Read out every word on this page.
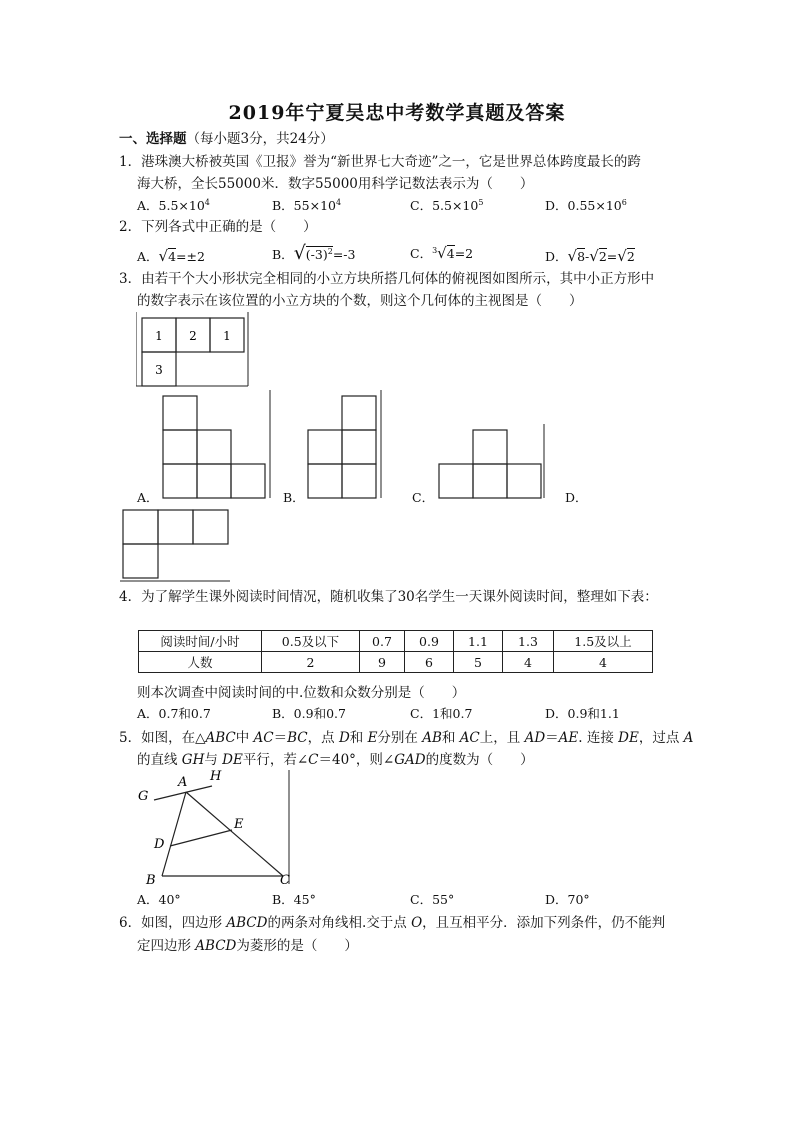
2019年宁夏吴忠中考数学真题及答案
一、选择题（每小题3分，共24分）
1．港珠澳大桥被英国《卫报》誉为“新世界七大奇迹”之一，它是世界总体跨度最长的跨
海大桥，全长55000米．数字55000用科学记数法表示为（　　）
A．$5.5\times 10^4$	B．$55\times 10^4$	C．$5.5\times 10^5$	D．$0.55\times 10^6$
2．下列各式中正确的是（　　）
A．√4=±2	B．$√(-3)^2=-3$	C．$^3$√4=2	D．√8-√2=√2
3．由若干个大小形状完全相同的小立方块所搭几何体的俯视图如图所示，其中小正方形中
的数字表示在该位置的小立方块的个数，则这个几何体的主视图是（　　）
1 2 1
3
A．	B．	C．	D．
4．为了解学生课外阅读时间情况，随机收集了30名学生一天课外阅读时间，整理如下表：
阅读时间/小时	0.5及以下	0.7	0.9	1.1	1.3	1.5及以上
人数	2	9	6	5	4	4
则本次调查中阅读时间的中.位数和众数分别是（　　）
A．0.7和0.7	B．0.9和0.7	C．1和0.7	D．0.9和1.1
5．如图，在△ABC中 AC＝BC，点 D和 E分别在 AB和 AC上，且 AD＝AE. 连接 DE，过点 A
的直线 GH与 DE平行，若∠C＝40°，则∠GAD的度数为（　　）
A H
G
E
D
B	C
A．40°	B．45°	C．55°	D．70°
6．如图，四边形 ABCD的两条对角线相.交于点 O，且互相平分．添加下列条件，仍不能判
定四边形 ABCD为菱形的是（　　）
